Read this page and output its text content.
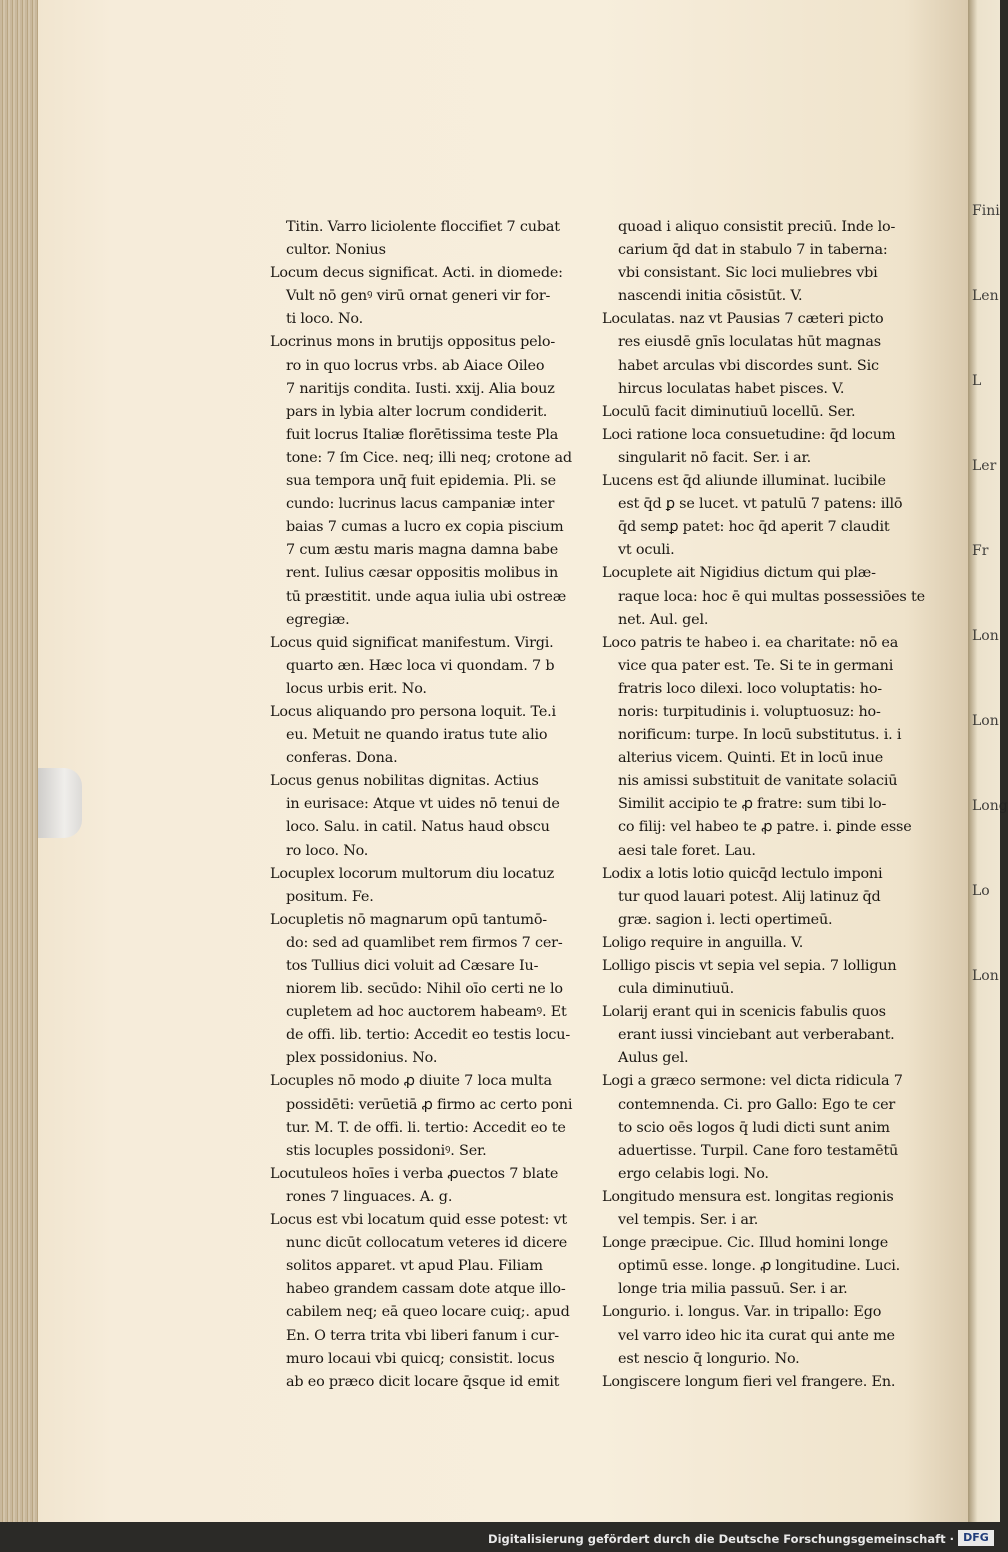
Fini
Len
L
Ler
Fr
Lon
Lon
Long
Lo
Lon
Titin. Varro liciolente floccifiet 7 cubat
cultor. Nonius
Locum decus significat. Acti. in diomede:
Vult nō genꝰ virū ornat generi vir for-
ti loco. No.
Locrinus mons in brutijs oppositus pelo-
ro in quo locrus vrbs. ab Aiace Oileo
7 naritijs condita. Iusti. xxij. Alia bouz
pars in lybia alter locrum condiderit.
fuit locrus Italiæ florētissima teste Pla
tone: 7 ſm Cice. neq; illi neq; crotone ad
sua tempora unq̄ fuit epidemia. Pli. se
cundo: lucrinus lacus campaniæ inter
baias 7 cumas a lucro ex copia piscium
7 cum æstu maris magna damna babe
rent. Iulius cæsar oppositis molibus in
tū præstitit. unde aqua iulia ubi ostreæ
egregiæ.
Locus quid significat manifestum. Virgi.
quarto æn. Hæc loca vi quondam. 7 b
locus urbis erit. No.
Locus aliquando pro persona loquit. Te.i
eu. Metuit ne quando iratus tute alio
conferas. Dona.
Locus genus nobilitas dignitas. Actius
in eurisace: Atque vt uides nō tenui de
loco. Salu. in catil. Natus haud obscu
ro loco. No.
Locuplex locorum multorum diu locatuz
positum. Fe.
Locupletis nō magnarum opū tantumō-
do: sed ad quamlibet rem firmos 7 cer-
tos Tullius dici voluit ad Cæsare Iu-
niorem lib. secūdo: Nihil oīo certi ne lo
cupletem ad hoc auctorem habeamꝰ. Et
de offi. lib. tertio: Accedit eo testis locu-
plex possidonius. No.
Locuples nō modo ꝓ diuite 7 loca multa
possidēti: verūetiā ꝓ firmo ac certo poni
tur. M. T. de offi. li. tertio: Accedit eo te
stis locuples possidoniꝰ. Ser.
Locutuleos hoīes i verba ꝓuectos 7 blate
rones 7 linguaces. A. g.
Locus est vbi locatum quid esse potest: vt
nunc dicūt collocatum veteres id dicere
solitos apparet. vt apud Plau. Filiam
habeo grandem cassam dote atque illo-
cabilem neq; eā queo locare cuiq;. apud
En. O terra trita vbi liberi fanum i cur-
muro locaui vbi quicq; consistit. locus
ab eo præco dicit locare q̄sque id emit
quoad i aliquo consistit preciū. Inde lo-
carium q̄d dat in stabulo 7 in taberna:
vbi consistant. Sic loci muliebres vbi
nascendi initia cōsistūt. V.
Loculatas. naz vt Pausias 7 cæteri picto
res eiusdē gnīs loculatas hūt magnas
habet arculas vbi discordes sunt. Sic
hircus loculatas habet pisces. V.
Loculū facit diminutiuū locellū. Ser.
Loci ratione loca consuetudine: q̄d locum
singularit nō facit. Ser. i ar.
Lucens est q̄d aliunde illuminat. lucibile
est q̄d ꝑ se lucet. vt patulū 7 patens: illō
q̄d semꝑ patet: hoc q̄d aperit 7 claudit
vt oculi.
Locuplete ait Nigidius dictum qui plæ-
raque loca: hoc ē qui multas possessiōes te
net. Aul. gel.
Loco patris te habeo i. ea charitate: nō ea
vice qua pater est. Te. Si te in germani
fratris loco dilexi. loco voluptatis: ho-
noris: turpitudinis i. voluptuosuz: ho-
norificum: turpe. In locū substitutus. i. i
alterius vicem. Quinti. Et in locū inue
nis amissi substituit de vanitate solaciū
Similit accipio te ꝓ fratre: sum tibi lo-
co filij: vel habeo te ꝓ patre. i. ꝑinde esse
aesi tale foret. Lau.
Lodix a lotis lotio quicq̄d lectulo imponi
tur quod lauari potest. Alij latinuz q̄d
græ. sagion i. lecti opertimeū.
Loligo require in anguilla. V.
Lolligo piscis vt sepia vel sepia. 7 lolligun
cula diminutiuū.
Lolarij erant qui in scenicis fabulis quos
erant iussi vinciebant aut verberabant.
Aulus gel.
Logi a græco sermone: vel dicta ridicula 7
contemnenda. Ci. pro Gallo: Ego te cer
to scio oēs logos q̄ ludi dicti sunt anim
aduertisse. Turpil. Cane foro testamētū
ergo celabis logi. No.
Longitudo mensura est. longitas regionis
vel tempis. Ser. i ar.
Longe præcipue. Cic. Illud homini longe
optimū esse. longe. ꝓ longitudine. Luci.
longe tria milia passuū. Ser. i ar.
Longurio. i. longus. Var. in tripallo: Ego
vel varro ideo hic ita curat qui ante me
est nescio q̄ longurio. No.
Longiscere longum fieri vel frangere. En.
Digitalisierung gefördert durch die Deutsche Forschungsgemeinschaft · DFG
